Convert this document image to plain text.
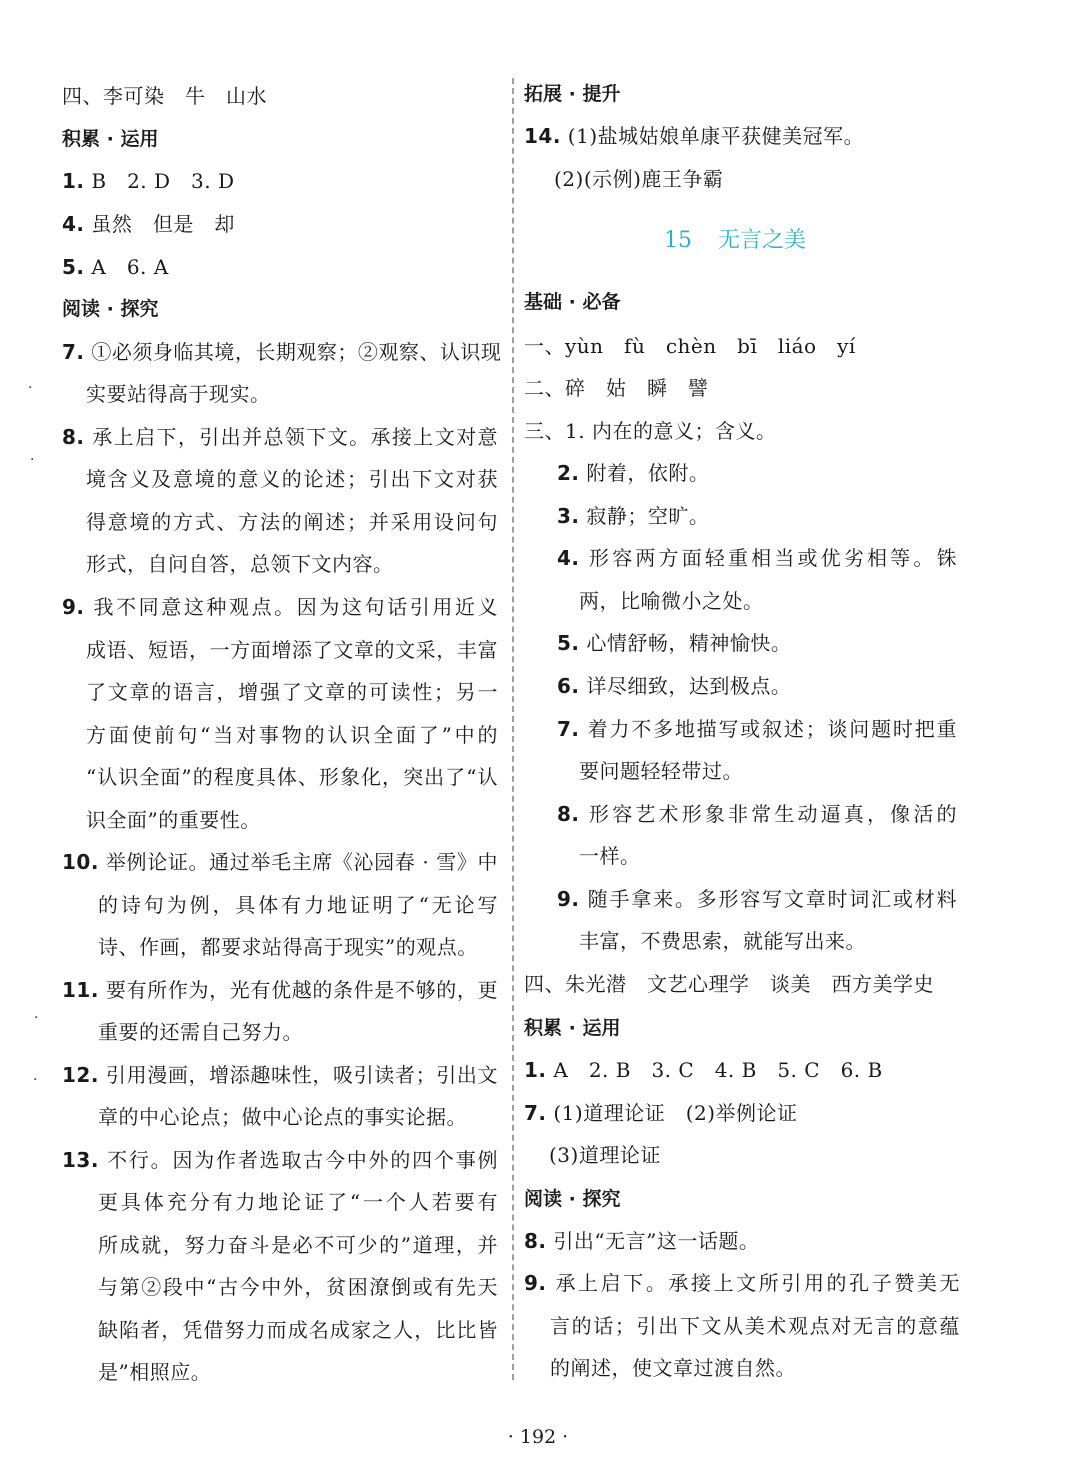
四、李可染　牛　山水
积累 · 运用
1. B　2. D　3. D
4. 虽然　但是　却
5. A　6. A
阅读 · 探究
7. ①必须身临其境，长期观察；②观察、认识现
实要站得高于现实。
8. 承上启下，引出并总领下文。承接上文对意
境含义及意境的意义的论述；引出下文对获
得意境的方式、方法的阐述；并采用设问句
形式，自问自答，总领下文内容。
9. 我不同意这种观点。因为这句话引用近义
成语、短语，一方面增添了文章的文采，丰富
了文章的语言，增强了文章的可读性；另一
方面使前句“当对事物的认识全面了”中的
“认识全面”的程度具体、形象化，突出了“认
识全面”的重要性。
10. 举例论证。通过举毛主席《沁园春 · 雪》中
的诗句为例，具体有力地证明了“无论写
诗、作画，都要求站得高于现实”的观点。
11. 要有所作为，光有优越的条件是不够的，更
重要的还需自己努力。
12. 引用漫画，增添趣味性，吸引读者；引出文
章的中心论点；做中心论点的事实论据。
13. 不行。因为作者选取古今中外的四个事例
更具体充分有力地论证了“一个人若要有
所成就，努力奋斗是必不可少的”道理，并
与第②段中“古今中外，贫困潦倒或有先天
缺陷者，凭借努力而成名成家之人，比比皆
是”相照应。
拓展 · 提升
14. (1)盐城姑娘单康平获健美冠军。
(2)(示例)鹿王争霸
15 无言之美
基础 · 必备
一、yùn　fù　chèn　bī　liáo　yí
二、碎　姑　瞬　譬
三、1. 内在的意义；含义。
2. 附着，依附。
3. 寂静；空旷。
4. 形容两方面轻重相当或优劣相等。铢
两，比喻微小之处。
5. 心情舒畅，精神愉快。
6. 详尽细致，达到极点。
7. 着力不多地描写或叙述；谈问题时把重
要问题轻轻带过。
8. 形容艺术形象非常生动逼真，像活的
一样。
9. 随手拿来。多形容写文章时词汇或材料
丰富，不费思索，就能写出来。
四、朱光潜　文艺心理学　谈美　西方美学史
积累 · 运用
1. A　2. B　3. C　4. B　5. C　6. B
7. (1)道理论证　(2)举例论证
(3)道理论证
阅读 · 探究
8. 引出“无言”这一话题。
9. 承上启下。承接上文所引用的孔子赞美无
言的话；引出下文从美术观点对无言的意蕴
的阐述，使文章过渡自然。
·
·
·
·
· 192 ·
